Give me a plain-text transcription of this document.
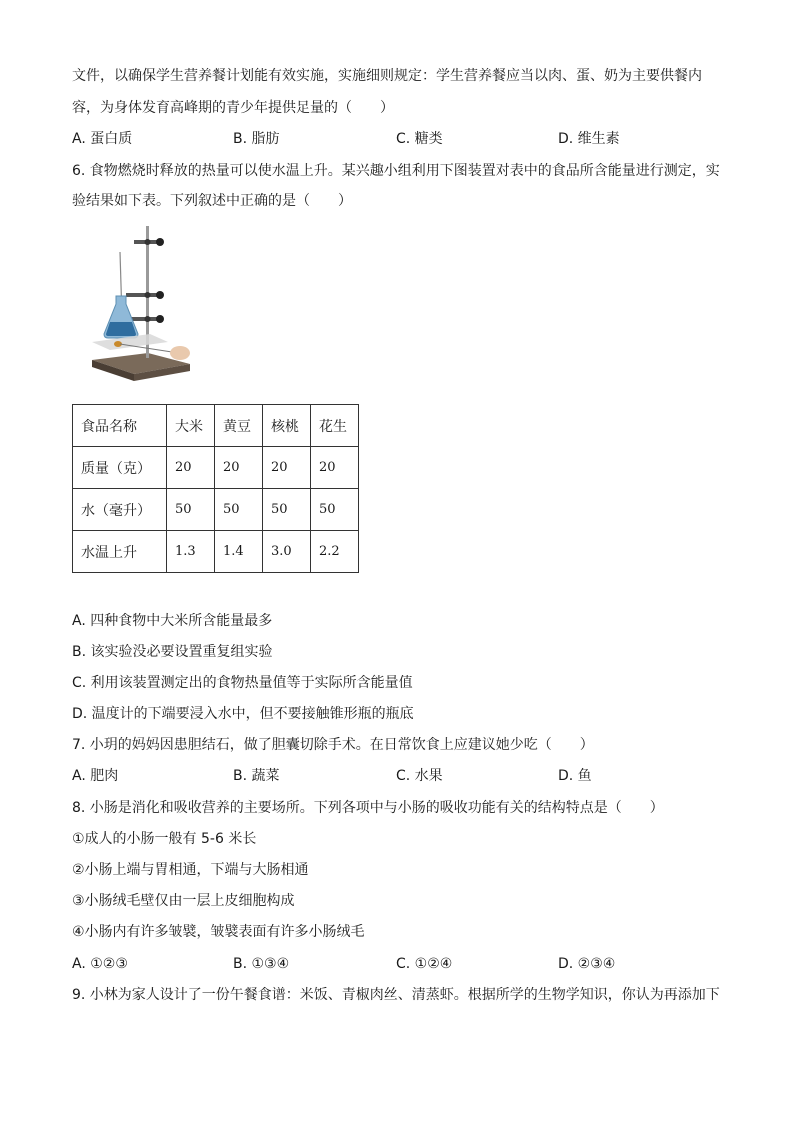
文件，以确保学生营养餐计划能有效实施，实施细则规定：学生营养餐应当以肉、蛋、奶为主要供餐内
容，为身体发育高峰期的青少年提供足量的（　　）
A. 蛋白质	B. 脂肪	C. 糖类	D. 维生素
6. 食物燃烧时释放的热量可以使水温上升。某兴趣小组利用下图装置对表中的食品所含能量进行测定，实
验结果如下表。下列叙述中正确的是（　　）
食品名称	大米	黄豆	核桃	花生
质量（克）	20	20	20	20
水（毫升）	50	50	50	50
水温上升	1.3	1.4	3.0	2.2
A. 四种食物中大米所含能量最多
B. 该实验没必要设置重复组实验
C. 利用该装置测定出的食物热量值等于实际所含能量值
D. 温度计的下端要浸入水中，但不要接触锥形瓶的瓶底
7. 小玥的妈妈因患胆结石，做了胆囊切除手术。在日常饮食上应建议她少吃（　　）
A. 肥肉	B. 蔬菜	C. 水果	D. 鱼
8. 小肠是消化和吸收营养的主要场所。下列各项中与小肠的吸收功能有关的结构特点是（　　）
①成人的小肠一般有 5-6 米长
②小肠上端与胃相通，下端与大肠相通
③小肠绒毛壁仅由一层上皮细胞构成
④小肠内有许多皱襞，皱襞表面有许多小肠绒毛
A. ①②③	B. ①③④	C. ①②④	D. ②③④
9. 小林为家人设计了一份午餐食谱：米饭、青椒肉丝、清蒸虾。根据所学的生物学知识，你认为再添加下
